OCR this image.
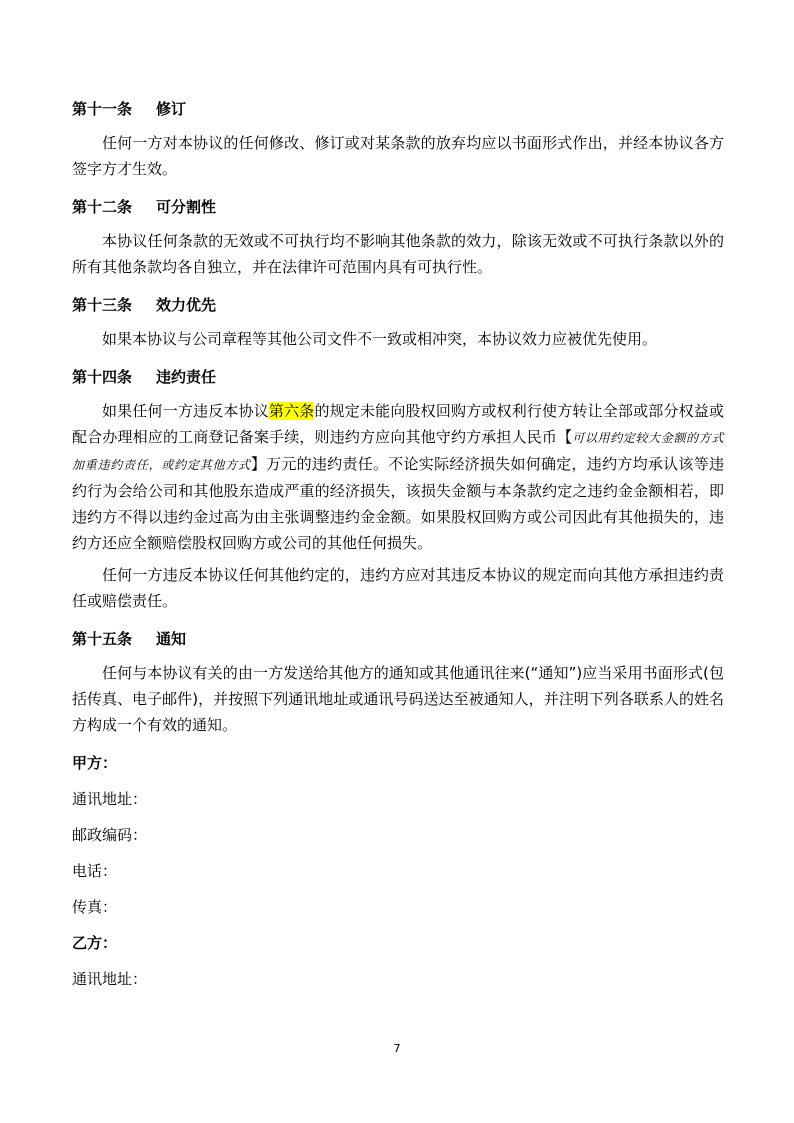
第十一条 修订

任何一方对本协议的任何修改、修订或对某条款的放弃均应以书面形式作出，并经本协议各方签字方才生效。

第十二条 可分割性

本协议任何条款的无效或不可执行均不影响其他条款的效力，除该无效或不可执行条款以外的所有其他条款均各自独立，并在法律许可范围内具有可执行性。

第十三条 效力优先

如果本协议与公司章程等其他公司文件不一致或相冲突，本协议效力应被优先使用。

第十四条 违约责任

如果任何一方违反本协议第六条的规定未能向股权回购方或权利行使方转让全部或部分权益或配合办理相应的工商登记备案手续，则违约方应向其他守约方承担人民币【可以用约定较大金额的方式加重违约责任，或约定其他方式】万元的违约责任。不论实际经济损失如何确定，违约方均承认该等违约行为会给公司和其他股东造成严重的经济损失，该损失金额与本条款约定之违约金金额相若，即违约方不得以违约金过高为由主张调整违约金金额。如果股权回购方或公司因此有其他损失的，违约方还应全额赔偿股权回购方或公司的其他任何损失。

任何一方违反本协议任何其他约定的，违约方应对其违反本协议的规定而向其他方承担违约责任或赔偿责任。

第十五条 通知

任何与本协议有关的由一方发送给其他方的通知或其他通讯往来(“通知”)应当采用书面形式(包括传真、电子邮件)，并按照下列通讯地址或通讯号码送达至被通知人，并注明下列各联系人的姓名方构成一个有效的通知。

甲方：
通讯地址：
邮政编码：
电话：
传真：
乙方：
通讯地址：
7
